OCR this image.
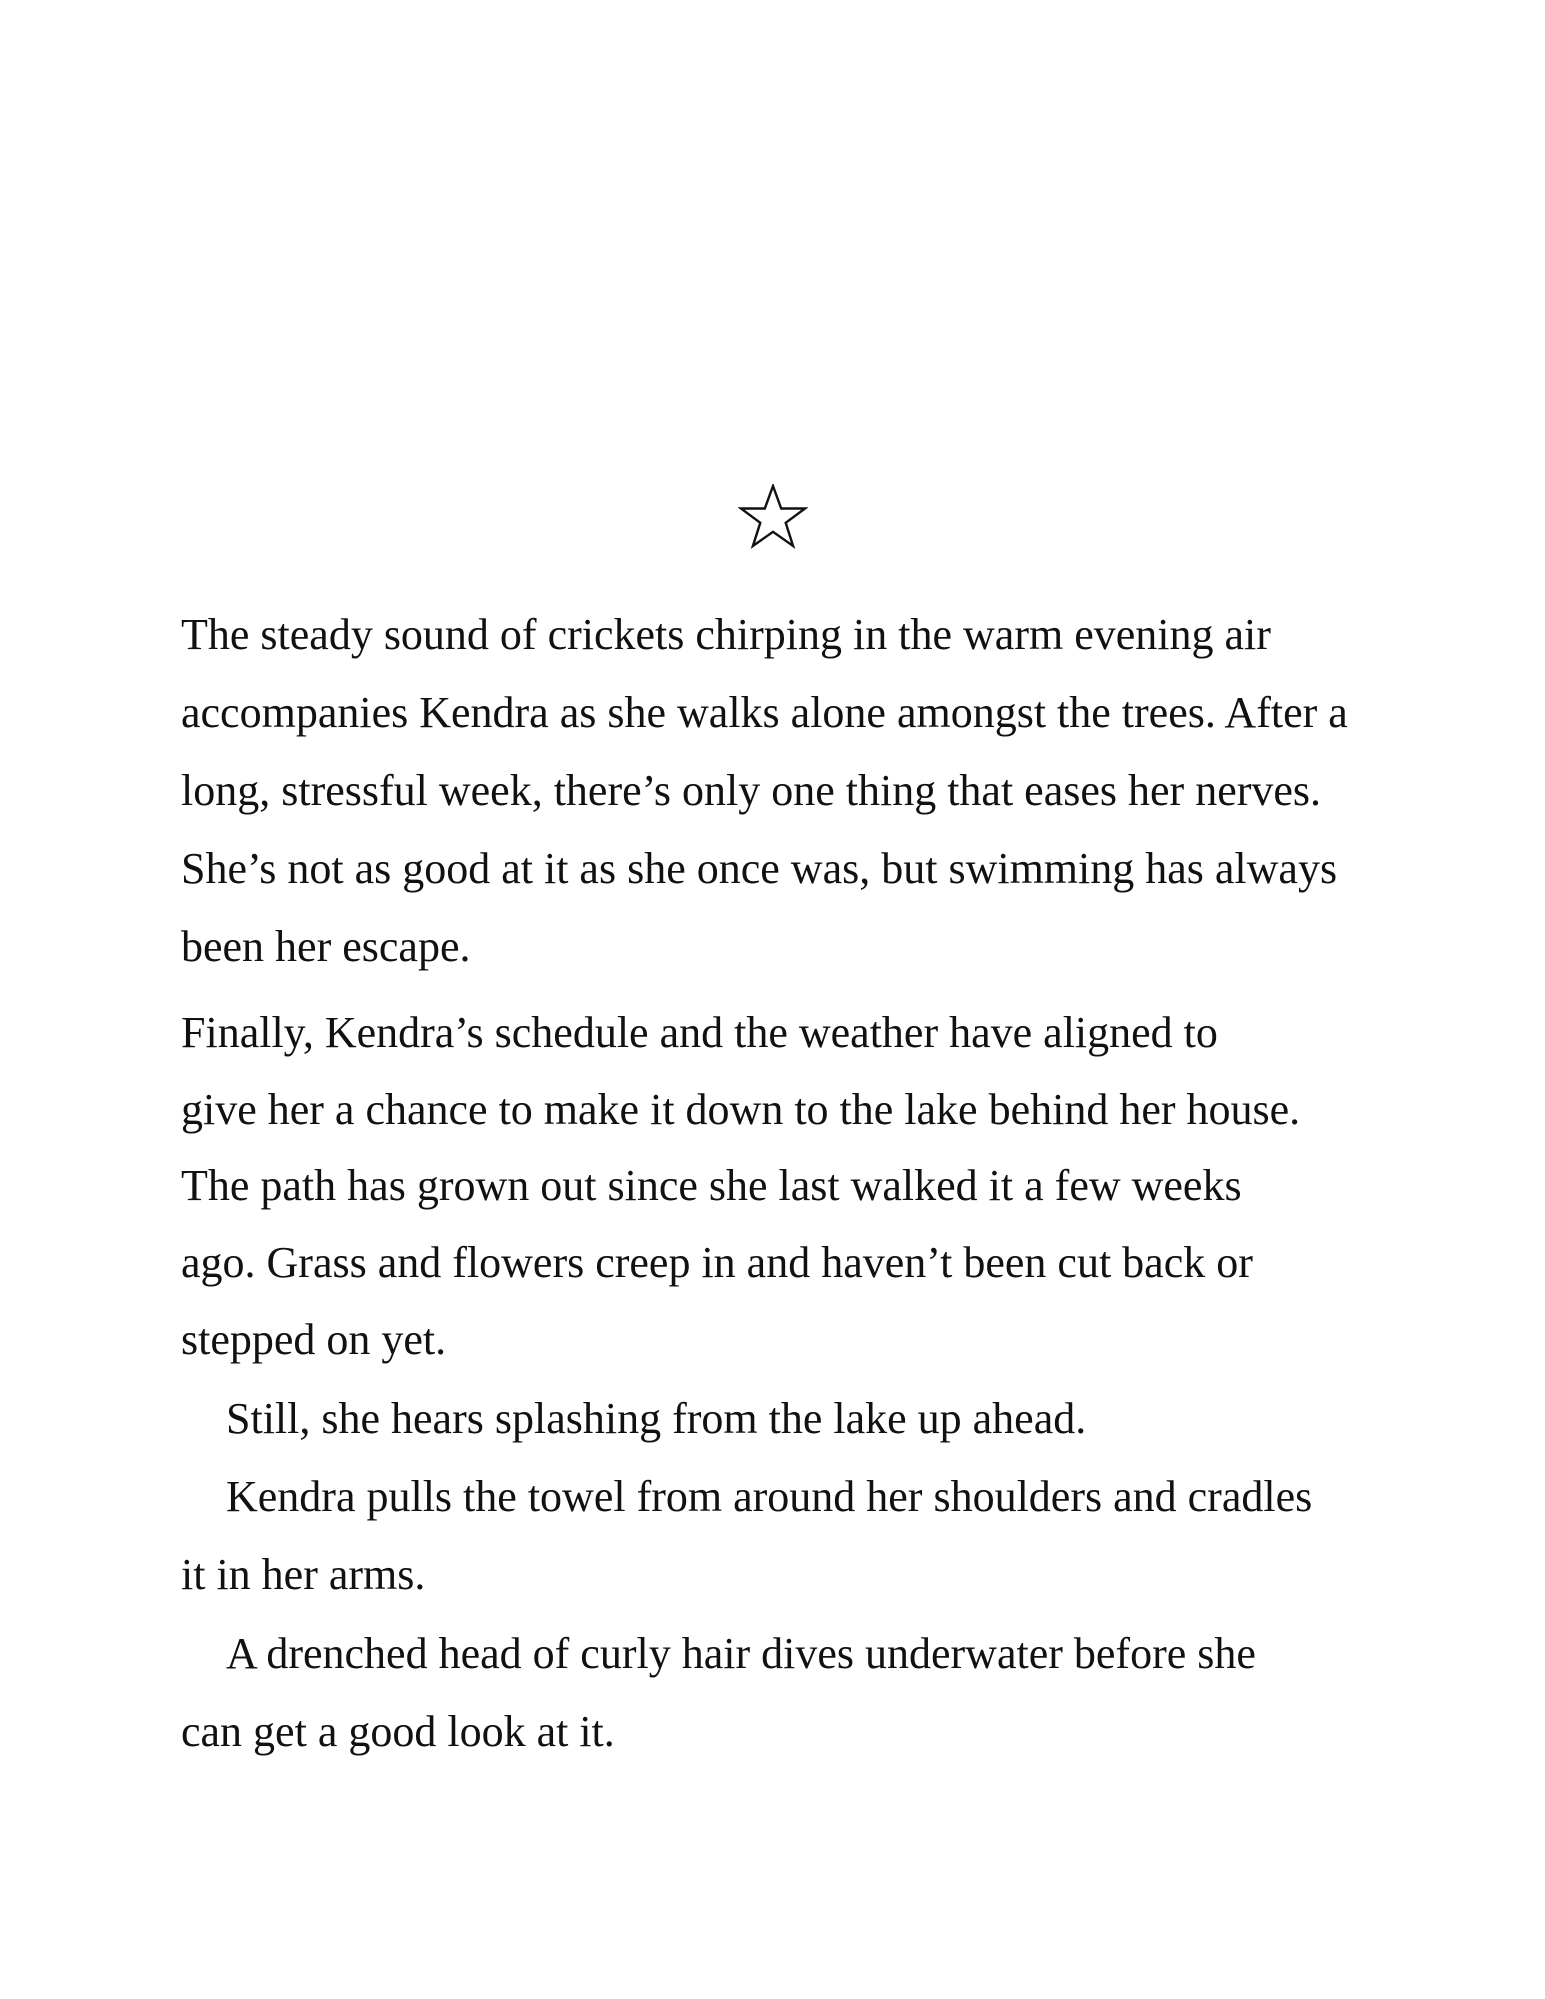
The steady sound of crickets chirping in the warm evening air
accompanies Kendra as she walks alone amongst the trees. After a
long, stressful week, there’s only one thing that eases her nerves.
She’s not as good at it as she once was, but swimming has always
been her escape.
Finally, Kendra’s schedule and the weather have aligned to
give her a chance to make it down to the lake behind her house.
The path has grown out since she last walked it a few weeks
ago. Grass and flowers creep in and haven’t been cut back or
stepped on yet.
Still, she hears splashing from the lake up ahead.
Kendra pulls the towel from around her shoulders and cradles
it in her arms.
A drenched head of curly hair dives underwater before she
can get a good look at it.
